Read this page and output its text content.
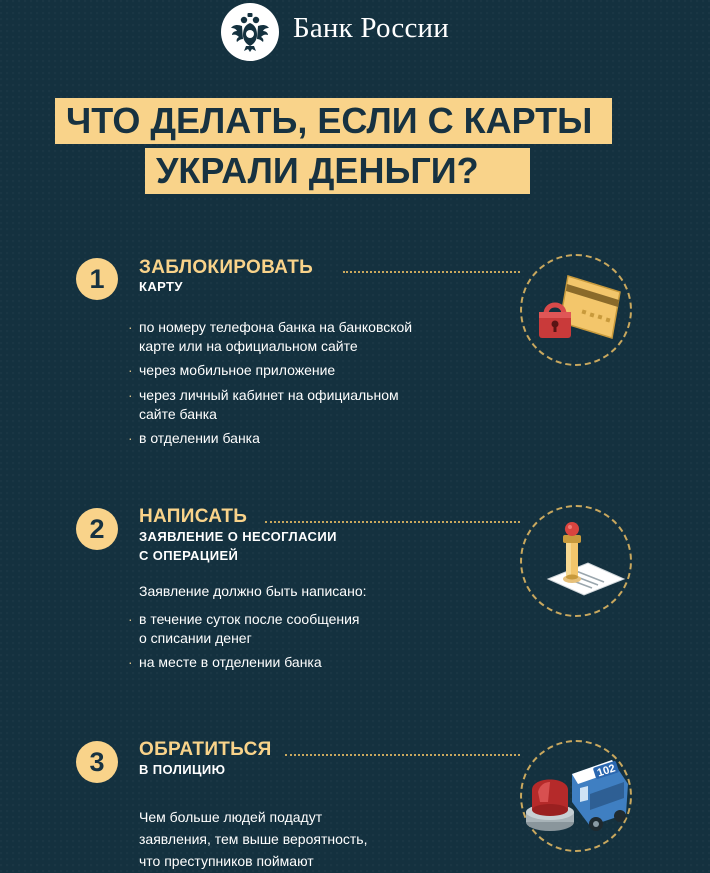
Банк России
ЧТО ДЕЛАТЬ, ЕСЛИ С КАРТЫ
УКРАЛИ ДЕНЬГИ?
1	ЗАБЛОКИРОВАТЬ
КАРТУ
· по номеру телефона банка на банковской
карте или на официальном сайте
· через мобильное приложение
· через личный кабинет на официальном
сайте банка
· в отделении банка
2	НАПИСАТЬ
ЗАЯВЛЕНИЕ О НЕСОГЛАСИИ
С ОПЕРАЦИЕЙ
Заявление должно быть написано:
· в течение суток после сообщения
о списании денег
· на месте в отделении банка
3	ОБРАТИТЬСЯ
В ПОЛИЦИЮ
Чем больше людей подадут
заявления, тем выше вероятность,
что преступников поймают
102
